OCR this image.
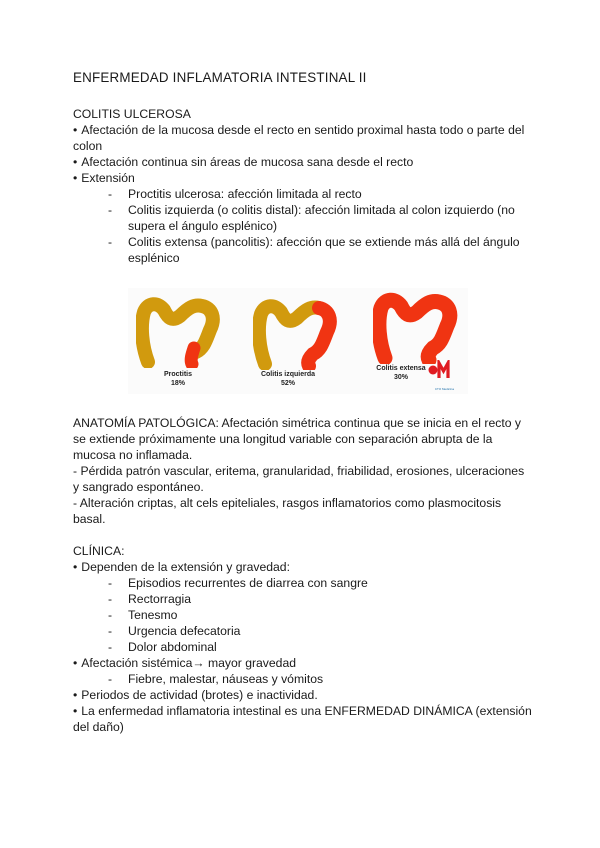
ENFERMEDAD INFLAMATORIA INTESTINAL II

COLITIS ULCEROSA

• Afectación de la mucosa desde el recto en sentido proximal hasta todo o parte del colon
• Afectación continua sin áreas de mucosa sana desde el recto
• Extensión
- Proctitis ulcerosa: afección limitada al recto
- Colitis izquierda (o colitis distal): afección limitada al colon izquierdo (no supera el ángulo esplénico)
- Colitis extensa (pancolitis): afección que se extiende más allá del ángulo esplénico
Proctitis
18%
Colitis izquierda
52%
Colitis extensa
30%
CTO Medicina

ANATOMÍA PATOLÓGICA: Afectación simétrica continua que se inicia en el recto y se extiende próximamente una longitud variable con separación abrupta de la mucosa no inflamada.

- Pérdida patrón vascular, eritema, granularidad, friabilidad, erosiones, ulceraciones y sangrado espontáneo.

- Alteración criptas, alt cels epiteliales, rasgos inflamatorios como plasmocitosis basal.

CLÍNICA:

• Dependen de la extensión y gravedad:
- Episodios recurrentes de diarrea con sangre
- Rectorragia
- Tenesmo
- Urgencia defecatoria
- Dolor abdominal
• Afectación sistémica→ mayor gravedad
- Fiebre, malestar, náuseas y vómitos
• Periodos de actividad (brotes) e inactividad.
• La enfermedad inflamatoria intestinal es una ENFERMEDAD DINÁMICA (extensión del daño)
